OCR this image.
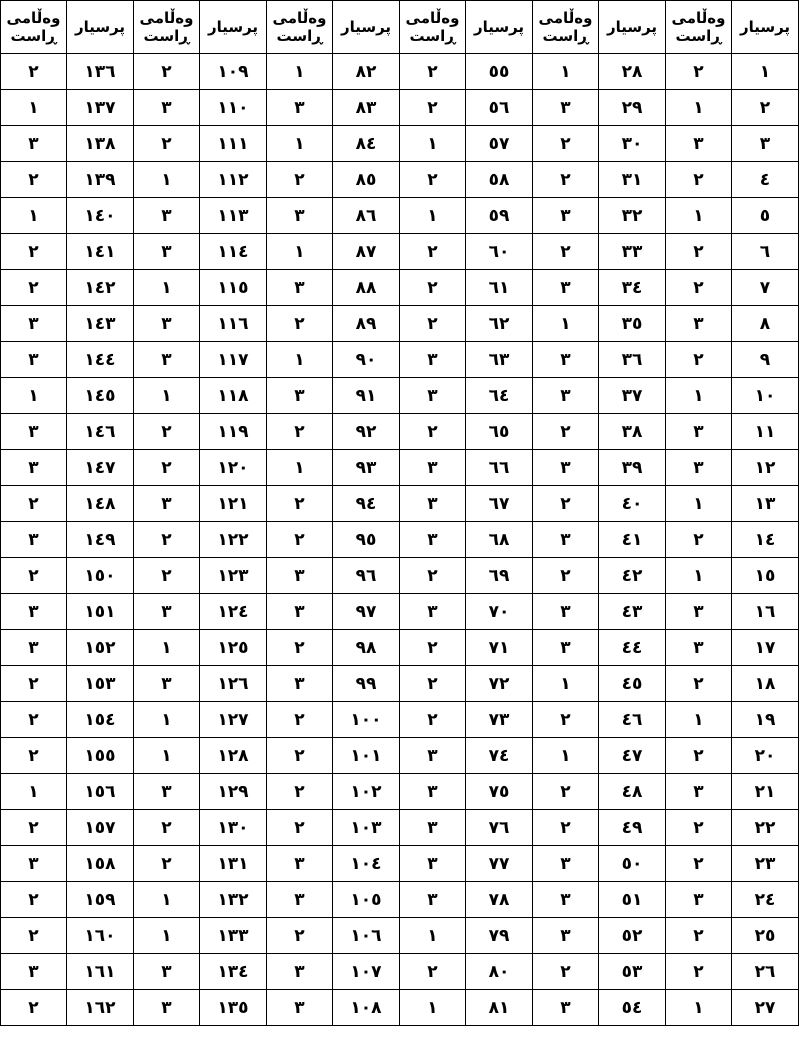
پرسیار	وەڵامی ڕاست	پرسیار	وەڵامی ڕاست	پرسیار	وەڵامی ڕاست	پرسیار	وەڵامی ڕاست	پرسیار	وەڵامی ڕاست	پرسیار	وەڵامی ڕاست
١	٢	٢٨	١	٥٥	٢	٨٢	١	١٠٩	٢	١٣٦	٢
٢	١	٢٩	٣	٥٦	٢	٨٣	٣	١١٠	٣	١٣٧	١
٣	٣	٣٠	٢	٥٧	١	٨٤	١	١١١	٢	١٣٨	٣
٤	٢	٣١	٢	٥٨	٢	٨٥	٢	١١٢	١	١٣٩	٢
٥	١	٣٢	٣	٥٩	١	٨٦	٣	١١٣	٣	١٤٠	١
٦	٢	٣٣	٢	٦٠	٢	٨٧	١	١١٤	٣	١٤١	٢
٧	٢	٣٤	٣	٦١	٢	٨٨	٣	١١٥	١	١٤٢	٢
٨	٣	٣٥	١	٦٢	٢	٨٩	٢	١١٦	٣	١٤٣	٣
٩	٢	٣٦	٣	٦٣	٣	٩٠	١	١١٧	٣	١٤٤	٣
١٠	١	٣٧	٣	٦٤	٣	٩١	٣	١١٨	١	١٤٥	١
١١	٣	٣٨	٢	٦٥	٢	٩٢	٢	١١٩	٢	١٤٦	٣
١٢	٣	٣٩	٣	٦٦	٣	٩٣	١	١٢٠	٢	١٤٧	٣
١٣	١	٤٠	٢	٦٧	٣	٩٤	٢	١٢١	٣	١٤٨	٢
١٤	٢	٤١	٣	٦٨	٣	٩٥	٢	١٢٢	٢	١٤٩	٣
١٥	١	٤٢	٢	٦٩	٢	٩٦	٣	١٢٣	٢	١٥٠	٢
١٦	٣	٤٣	٣	٧٠	٣	٩٧	٣	١٢٤	٣	١٥١	٣
١٧	٣	٤٤	٣	٧١	٢	٩٨	٢	١٢٥	١	١٥٢	٣
١٨	٢	٤٥	١	٧٢	٢	٩٩	٣	١٢٦	٣	١٥٣	٢
١٩	١	٤٦	٢	٧٣	٢	١٠٠	٢	١٢٧	١	١٥٤	٢
٢٠	٢	٤٧	١	٧٤	٣	١٠١	٢	١٢٨	١	١٥٥	٢
٢١	٣	٤٨	٢	٧٥	٣	١٠٢	٢	١٢٩	٣	١٥٦	١
٢٢	٢	٤٩	٢	٧٦	٣	١٠٣	٢	١٣٠	٢	١٥٧	٢
٢٣	٢	٥٠	٣	٧٧	٣	١٠٤	٣	١٣١	٢	١٥٨	٣
٢٤	٣	٥١	٣	٧٨	٣	١٠٥	٣	١٣٢	١	١٥٩	٢
٢٥	٢	٥٢	٣	٧٩	١	١٠٦	٢	١٣٣	١	١٦٠	٢
٢٦	٢	٥٣	٢	٨٠	٢	١٠٧	٣	١٣٤	٣	١٦١	٣
٢٧	١	٥٤	٣	٨١	١	١٠٨	٣	١٣٥	٣	١٦٢	٢
